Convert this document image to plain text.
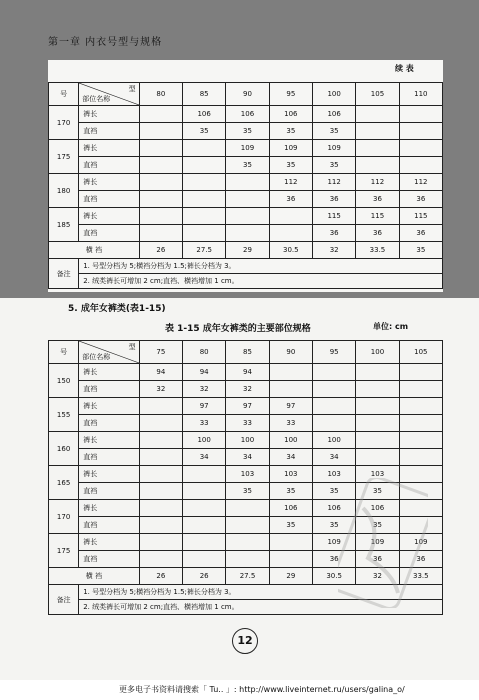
第一章 内衣号型与规格
续 表
号	型
部位名称	80	85	90	95	100	105	110
170	裤长		106	106	106	106		
	直裆		35	35	35	35		
175	裤长			109	109	109		
	直裆			35	35	35		
180	裤长				112	112	112	112
	直裆				36	36	36	36
185	裤长					115	115	115
	直裆					36	36	36
横 裆		26	27.5	29	30.5	32	33.5	35
备注	1. 号型分档为 5;横裆分档为 1.5;裤长分档为 3。							
	2. 绒类裤长可增加 2 cm;直裆、横裆增加 1 cm。							
5. 成年女裤类(表1-15)
表 1-15 成年女裤类的主要部位规格	单位: cm
号	型
部位名称	75	80	85	90	95	100	105
150	裤长	94	94	94				
	直裆	32	32	32				
155	裤长		97	97	97			
	直裆		33	33	33			
160	裤长		100	100	100	100		
	直裆		34	34	34	34		
165	裤长			103	103	103	103	
	直裆			35	35	35	35	
170	裤长				106	106	106	
	直裆				35	35	35	
175	裤长					109	109	109
	直裆					36	36	36
横 裆		26	26	27.5	29	30.5	32	33.5
备注	1. 号型分档为 5;横裆分档为 1.5;裤长分档为 3。							
	2. 绒类裤长可增加 2 cm;直裆、横裆增加 1 cm。							
12
更多电子书资料请搜索「 Tu.. 」: http://www.liveinternet.ru/users/galina_o/
